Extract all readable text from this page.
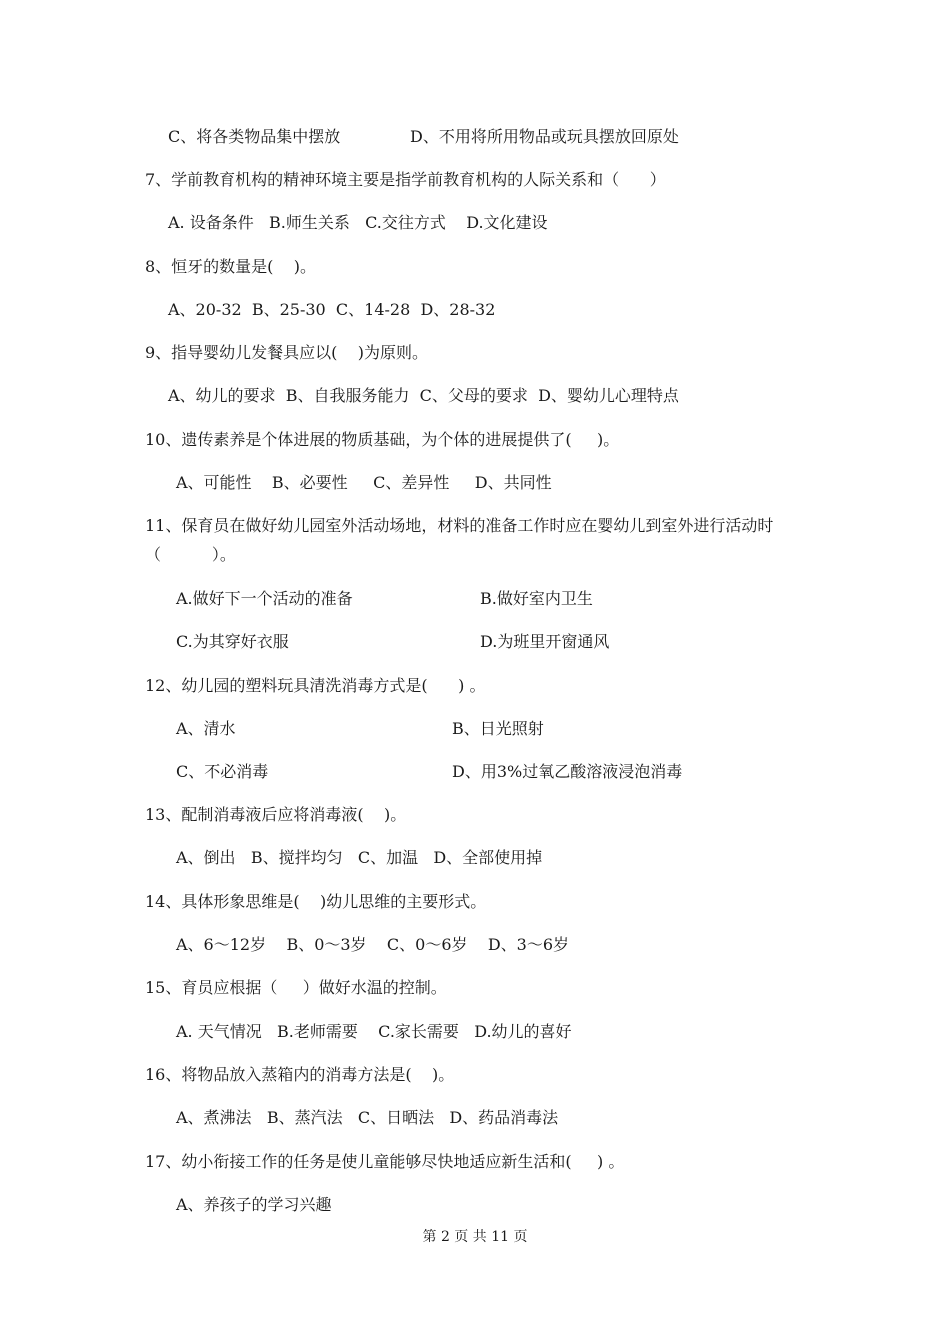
C、将各类物品集中摆放	D、不用将所用物品或玩具摆放回原处
7、学前教育机构的精神环境主要是指学前教育机构的人际关系和（      ）
A. 设备条件   B.师生关系   C.交往方式    D.文化建设
8、恒牙的数量是(    )。
A、20-32  B、25-30  C、14-28  D、28-32
9、指导婴幼儿发餐具应以(    )为原则。
A、幼儿的要求  B、自我服务能力  C、父母的要求  D、婴幼儿心理特点
10、遗传素养是个体进展的物质基础，为个体的进展提供了(     )。
A、可能性    B、必要性     C、差异性     D、共同性
11、保育员在做好幼儿园室外活动场地，材料的准备工作时应在婴幼儿到室外进行活动时
（          ）。
A.做好下一个活动的准备	B.做好室内卫生
C.为其穿好衣服	D.为班里开窗通风
12、幼儿园的塑料玩具清洗消毒方式是(      ) 。
A、清水	B、日光照射
C、不必消毒	D、用3%过氧乙酸溶液浸泡消毒
13、配制消毒液后应将消毒液(    )。
A、倒出   B、搅拌均匀   C、加温   D、全部使用掉
14、具体形象思维是(    )幼儿思维的主要形式。
A、6～12岁    B、0～3岁    C、0～6岁    D、3～6岁
15、育员应根据（     ）做好水温的控制。
A. 天气情况   B.老师需要    C.家长需要   D.幼儿的喜好
16、将物品放入蒸箱内的消毒方法是(    )。
A、煮沸法   B、蒸汽法   C、日晒法   D、药品消毒法
17、幼小衔接工作的任务是使儿童能够尽快地适应新生活和(     ) 。
A、养孩子的学习兴趣
第 2 页 共 11 页
